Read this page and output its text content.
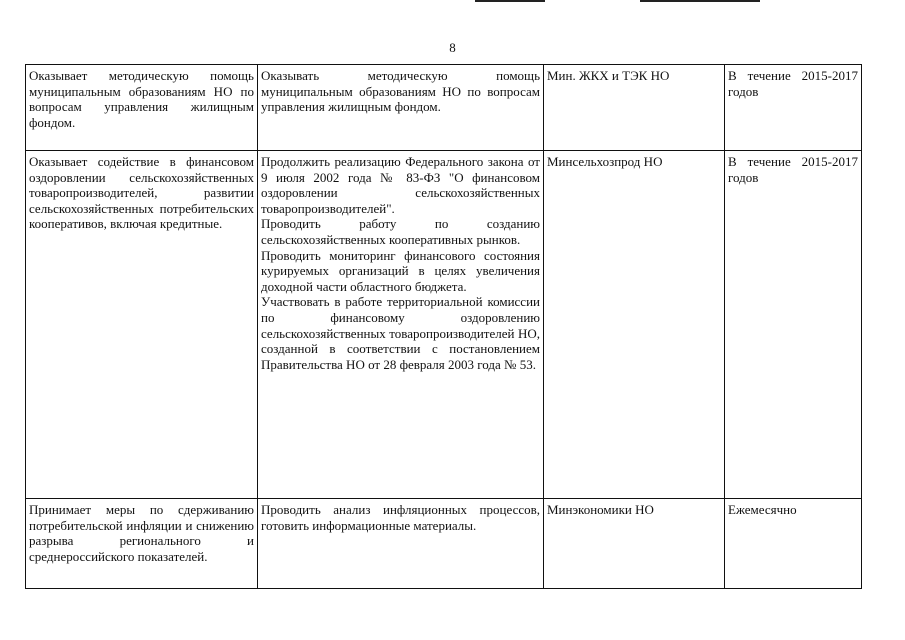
8
Оказывает методическую помощь муниципальным образованиям НО по вопросам управления жилищным фондом.	Оказывать методическую помощь муниципальным образованиям НО по вопросам управления жилищным фондом.	Мин. ЖКХ и ТЭК НО	В течение 2015-2017 годов
Оказывает содействие в финансовом оздоровлении сельскохозяйственных товаропроизводителей, развитии сельскохозяйственных потребительских кооперативов, включая кредитные.	Продолжить реализацию Федерального закона от 9 июля 2002 года № 83-ФЗ "О финансовом оздоровлении сельскохозяйственных товаропроизводителей".
Проводить работу по созданию сельскохозяйственных кооперативных рынков.
Проводить мониторинг финансового состояния курируемых организаций в целях увеличения доходной части областного бюджета.
Участвовать в работе территориальной комиссии по финансовому оздоровлению сельскохозяйственных товаропроизводителей НО, созданной в соответствии с постановлением Правительства НО от 28 февраля 2003 года № 53.	Минсельхозпрод НО	В течение 2015-2017 годов
Принимает меры по сдерживанию потребительской инфляции и снижению разрыва регионального и среднероссийского показателей.	Проводить анализ инфляционных процессов, готовить информационные материалы.	Минэкономики НО	Ежемесячно
